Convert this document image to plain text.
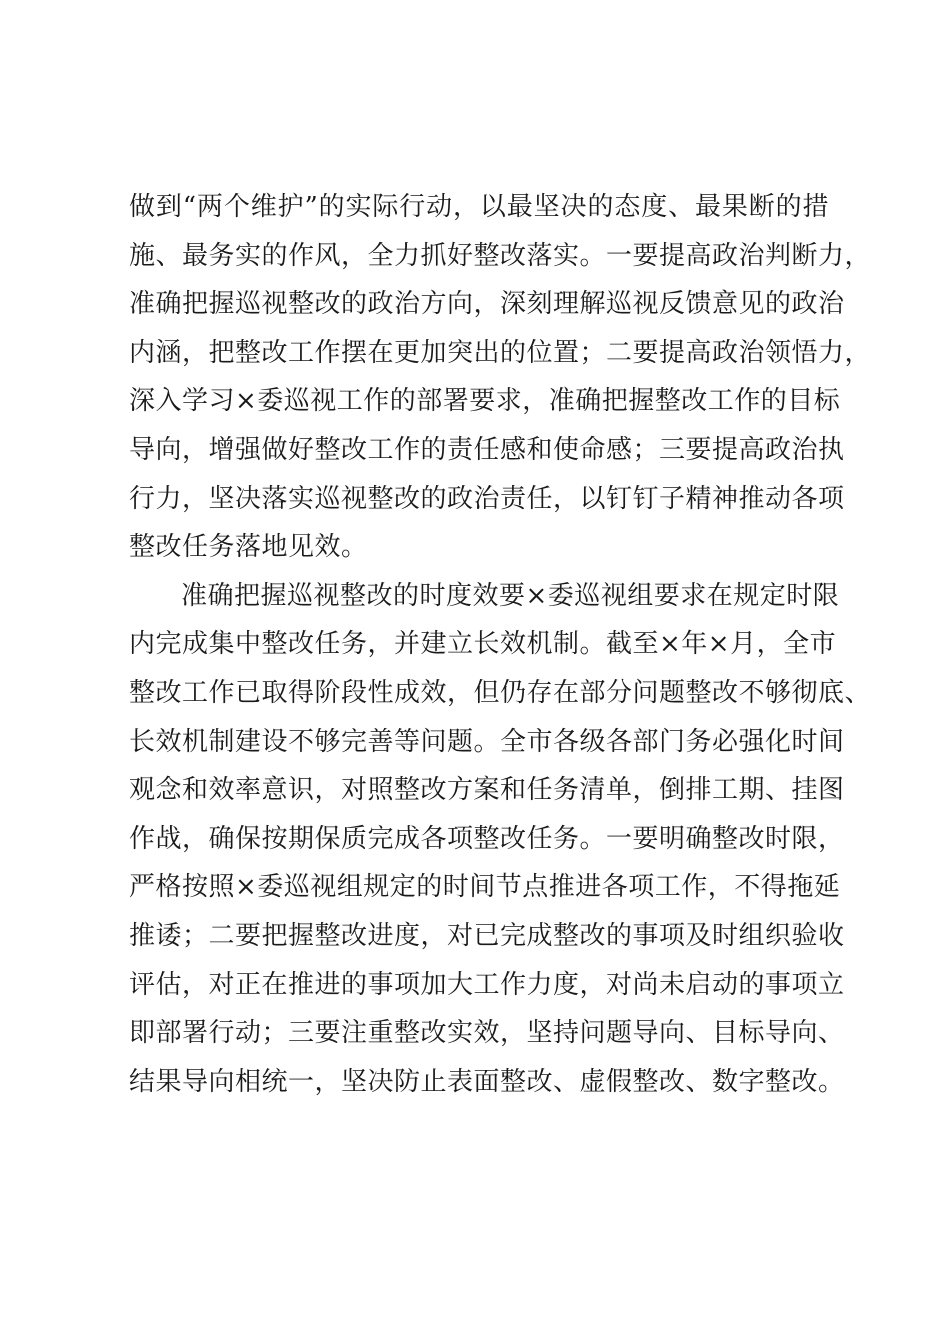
做到“两个维护”的实际行动，以最坚决的态度、最果断的措
施、最务实的作风，全力抓好整改落实。一要提高政治判断力，
准确把握巡视整改的政治方向，深刻理解巡视反馈意见的政治
内涵，把整改工作摆在更加突出的位置；二要提高政治领悟力，
深入学习×委巡视工作的部署要求，准确把握整改工作的目标
导向，增强做好整改工作的责任感和使命感；三要提高政治执
行力，坚决落实巡视整改的政治责任，以钉钉子精神推动各项
整改任务落地见效。
准确把握巡视整改的时度效要×委巡视组要求在规定时限
内完成集中整改任务，并建立长效机制。截至×年×月，全市
整改工作已取得阶段性成效，但仍存在部分问题整改不够彻底、
长效机制建设不够完善等问题。全市各级各部门务必强化时间
观念和效率意识，对照整改方案和任务清单，倒排工期、挂图
作战，确保按期保质完成各项整改任务。一要明确整改时限，
严格按照×委巡视组规定的时间节点推进各项工作，不得拖延
推诿；二要把握整改进度，对已完成整改的事项及时组织验收
评估，对正在推进的事项加大工作力度，对尚未启动的事项立
即部署行动；三要注重整改实效，坚持问题导向、目标导向、
结果导向相统一，坚决防止表面整改、虚假整改、数字整改。
